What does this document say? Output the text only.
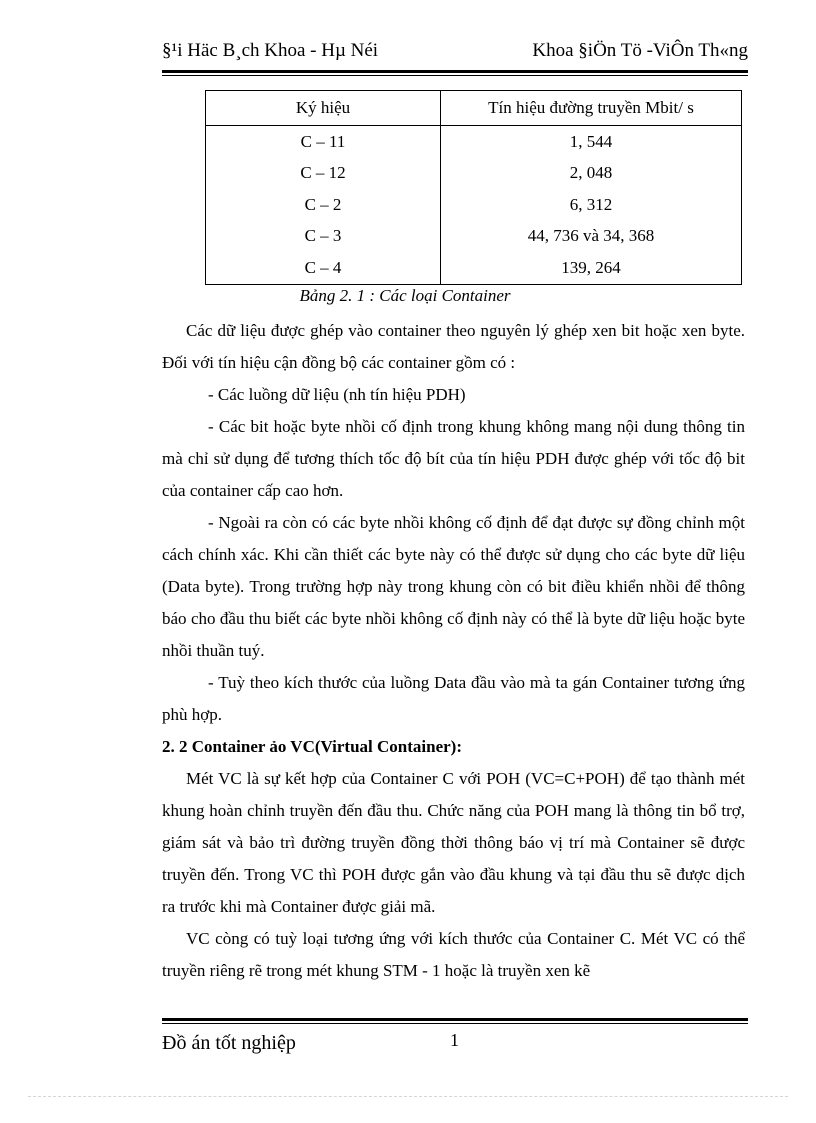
§¹i Häc B¸ch Khoa - Hµ Néi	Khoa §iÖn Tö -ViÔn Th«ng
Ký hiệu	Tín hiệu đường truyền Mbit/ s
C – 11	1, 544
C – 12	2, 048
C – 2	6, 312
C – 3	44, 736 và 34, 368
C – 4	139, 264
Bảng 2. 1 : Các loại Container

Các dữ liệu được ghép vào container theo nguyên lý ghép xen bit hoặc xen byte. Đối với tín hiệu cận đồng bộ các container gồm có :

- Các luồng dữ liệu (nh tín hiệu PDH)

- Các bit hoặc byte nhồi cố định trong khung không mang nội dung thông tin mà chỉ sử dụng để tương thích tốc độ bít của tín hiệu PDH được ghép với tốc độ bit của container cấp cao hơn.

- Ngoài ra còn có các byte nhồi không cố định để đạt được sự đồng chỉnh một cách chính xác. Khi cần thiết các byte này có thể được sử dụng cho các byte dữ liệu (Data byte). Trong trường hợp này trong khung còn có bit điều khiển nhồi để thông báo cho đầu thu biết các byte nhồi không cố định này có thể là byte dữ liệu hoặc byte nhồi thuần tuý.

- Tuỳ theo kích thước của luồng Data đầu vào mà ta gán Container tương ứng phù hợp.

2. 2 Container ảo VC(Virtual Container):

Mét VC là sự kết hợp của Container C với POH (VC=C+POH) để tạo thành mét khung hoàn chỉnh truyền đến đầu thu. Chức năng của POH mang là thông tin bổ trợ, giám sát và bảo trì đường truyền đồng thời thông báo vị trí mà Container sẽ được truyền đến. Trong VC thì POH được gắn vào đầu khung và tại đầu thu sẽ được dịch ra trước khi mà Container được giải mã.

VC còng có tuỳ loại tương ứng với kích thước của Container C. Mét VC có thể truyền riêng rẽ trong mét khung STM - 1 hoặc là truyền xen kẽ

Đồ án tốt nghiệp	1
